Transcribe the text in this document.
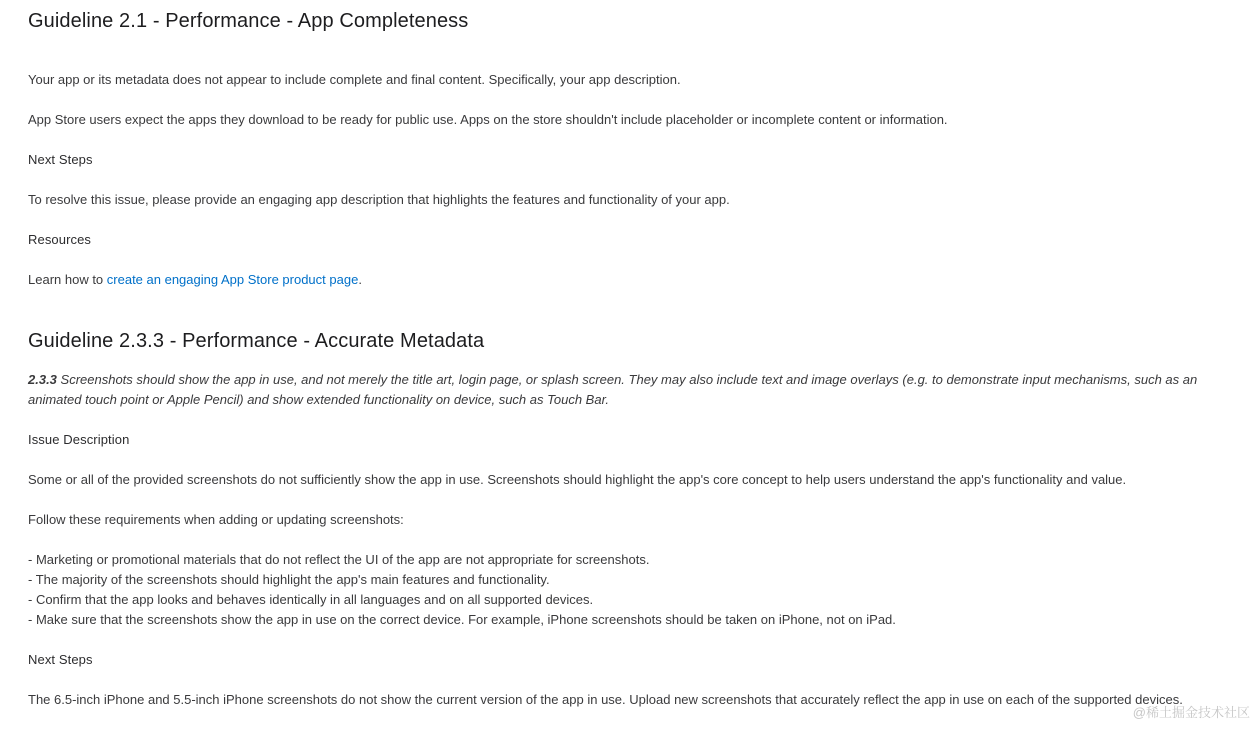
Guideline 2.1 - Performance - App Completeness

Your app or its metadata does not appear to include complete and final content. Specifically, your app description.

App Store users expect the apps they download to be ready for public use. Apps on the store shouldn't include placeholder or incomplete content or information.

Next Steps

To resolve this issue, please provide an engaging app description that highlights the features and functionality of your app.

Resources

Learn how to create an engaging App Store product page.

Guideline 2.3.3 - Performance - Accurate Metadata

2.3.3 Screenshots should show the app in use, and not merely the title art, login page, or splash screen. They may also include text and image overlays (e.g. to demonstrate input mechanisms, such as an

animated touch point or Apple Pencil) and show extended functionality on device, such as Touch Bar.

Issue Description

Some or all of the provided screenshots do not sufficiently show the app in use. Screenshots should highlight the app's core concept to help users understand the app's functionality and value.

Follow these requirements when adding or updating screenshots:

- Marketing or promotional materials that do not reflect the UI of the app are not appropriate for screenshots.

- The majority of the screenshots should highlight the app's main features and functionality.

- Confirm that the app looks and behaves identically in all languages and on all supported devices.

- Make sure that the screenshots show the app in use on the correct device. For example, iPhone screenshots should be taken on iPhone, not on iPad.

Next Steps

The 6.5-inch iPhone and 5.5-inch iPhone screenshots do not show the current version of the app in use. Upload new screenshots that accurately reflect the app in use on each of the supported devices.

@稀土掘金技术社区
